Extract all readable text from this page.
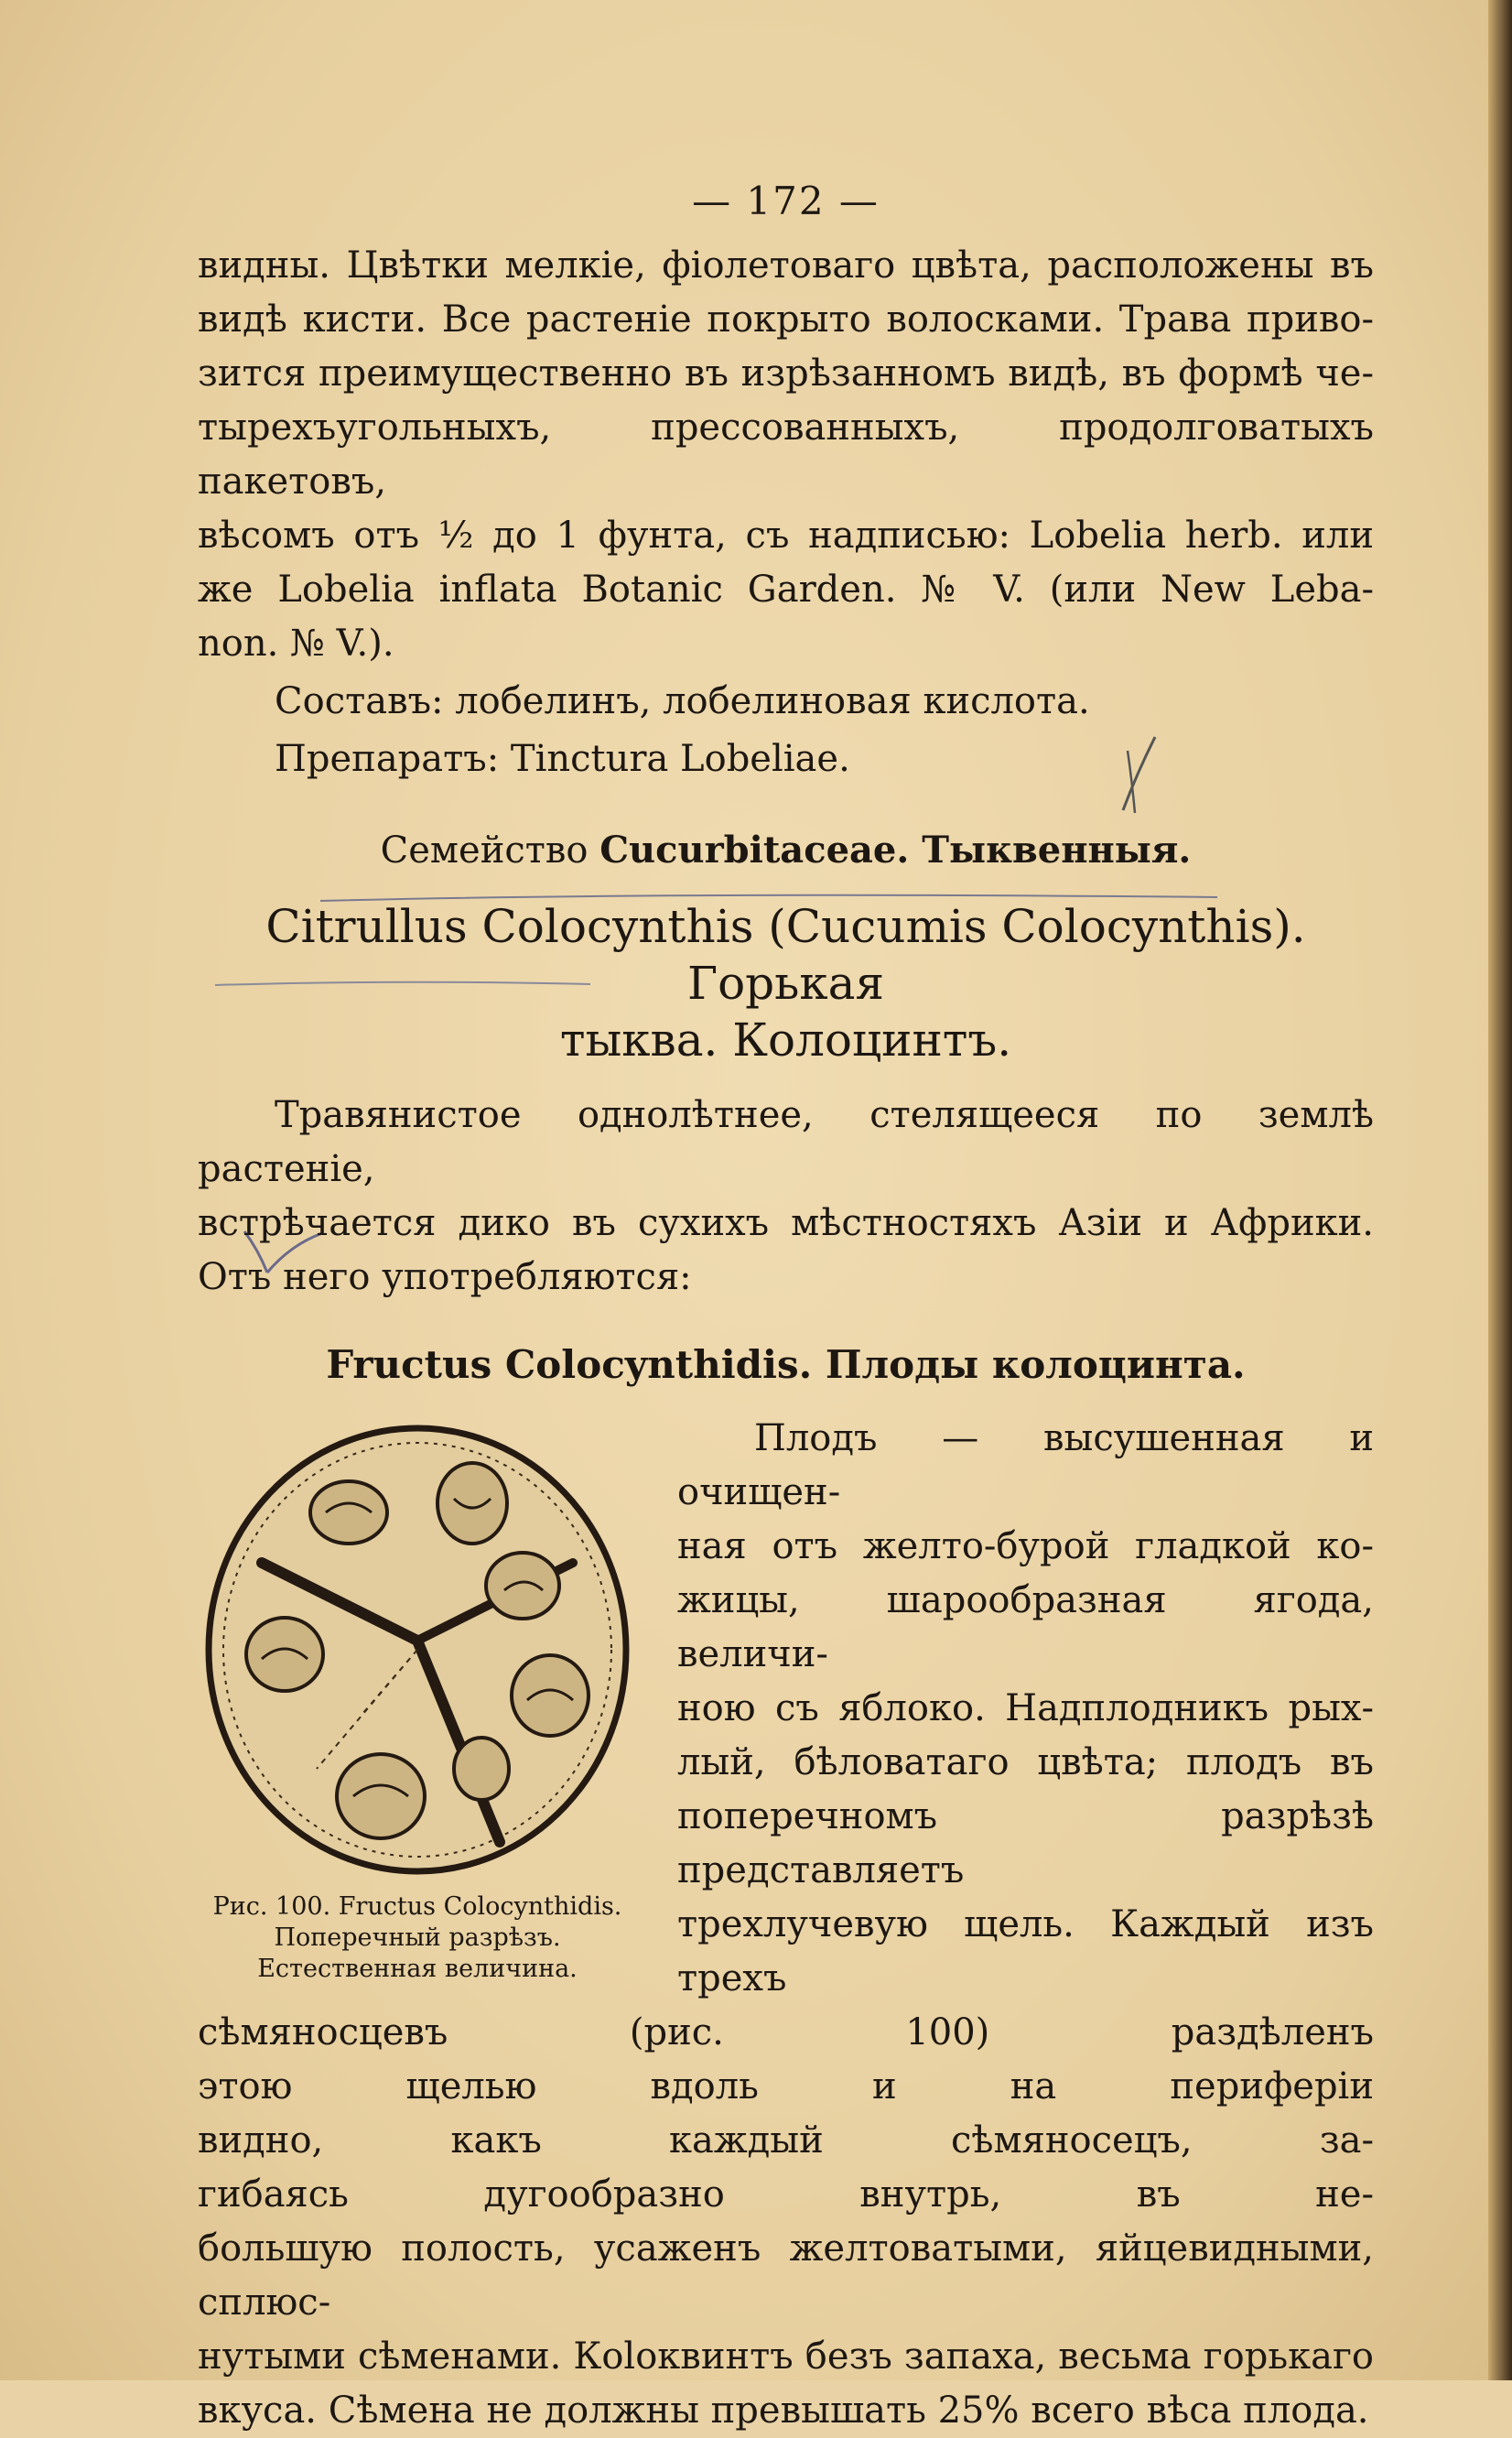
— 172 —
видны. Цвѣтки мелкіе, фіолетоваго цвѣта, расположены въ
видѣ кисти. Все растеніе покрыто волосками. Трава приво-
зится преимущественно въ изрѣзанномъ видѣ, въ формѣ че-
тырехъугольныхъ, прессованныхъ, продолговатыхъ пакетовъ,
вѣсомъ отъ ½ до 1 фунта, съ надписью: Lobelia herb. или
же Lobelia inflata Botanic Garden. № V. (или New Leba-
non. № V.).

Составъ: лобелинъ, лобелиновая кислота.

Препаратъ: Tinctura Lobeliae.

Семейство Cucurbitaceae. Тыквенныя.
Citrullus Colocynthis (Cucumis Colocynthis). Горькая
тыква. Колоцинтъ.
Травянистое однолѣтнее, стелящееся по землѣ растеніе,
встрѣчается дико въ сухихъ мѣстностяхъ Азіи и Африки.
Отъ него употребляются:
Fructus Colocynthidis. Плоды колоцинта.
Рис. 100. Fructus Colocynthidis.
Поперечный разрѣзъ.
Естественная величина.
Плодъ — высушенная и очищен-
ная отъ желто-бурой гладкой ко-
жицы, шарообразная ягода, величи-
ною съ яблоко. Надплодникъ рых-
лый, бѣловатаго цвѣта; плодъ въ
поперечномъ разрѣзѣ представляетъ
трехлучевую щель. Каждый изъ трехъ
сѣмяносцевъ (рис. 100) раздѣленъ
этою щелью вдоль и на периферіи
видно, какъ каждый сѣмяносецъ, за-
гибаясь дугообразно внутрь, въ не-
большую полость, усаженъ желтоватыми, яйцевидными, сплюс-
нутыми сѣменами. Коloквинтъ безъ запаха, весьма горькаго
вкуса. Сѣмена не должны превышать 25% всего вѣса плода.
